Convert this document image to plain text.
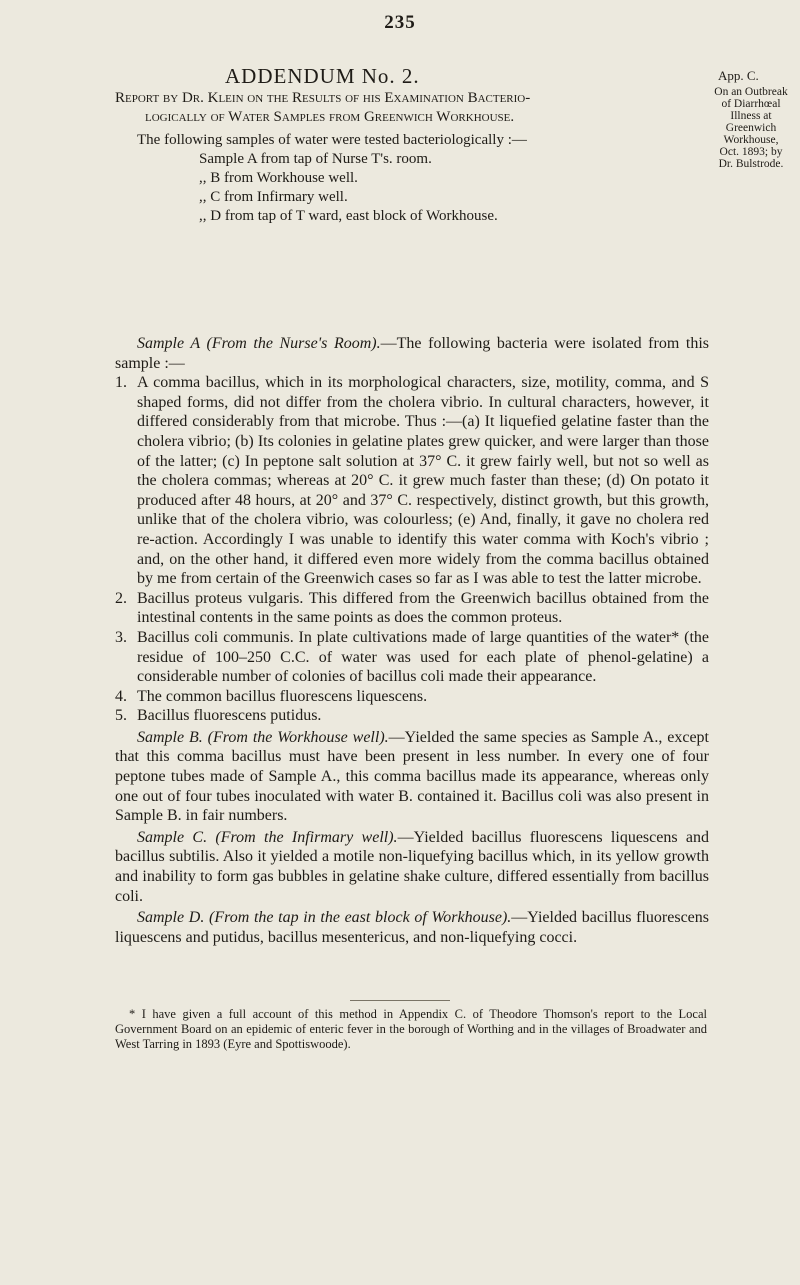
235
ADDENDUM No. 2.	App. C.
On an Outbreak
of Diarrhœal
Illness at
Greenwich
Workhouse,
Oct. 1893; by
Dr. Bulstrode.

Report by Dr. Klein on the Results of his Examination Bacterio-

logically of Water Samples from Greenwich Workhouse.

The following samples of water were tested bacteriologically :—

Sample A from tap of Nurse T's. room.

,, B from Workhouse well.

,, C from Infirmary well.

,, D from tap of T ward, east block of Workhouse.

Sample A (From the Nurse's Room).—The following bacteria were isolated from this sample :—

1. A comma bacillus, which in its morphological characters, size, motility, comma, and S shaped forms, did not differ from the cholera vibrio. In cultural characters, however, it differed considerably from that microbe. Thus :—(a) It liquefied gelatine faster than the cholera vibrio; (b) Its colonies in gelatine plates grew quicker, and were larger than those of the latter; (c) In peptone salt solution at 37° C. it grew fairly well, but not so well as the cholera commas; whereas at 20° C. it grew much faster than these; (d) On potato it produced after 48 hours, at 20° and 37° C. respectively, distinct growth, but this growth, unlike that of the cholera vibrio, was colourless; (e) And, finally, it gave no cholera red re-action. Accordingly I was unable to identify this water comma with Koch's vibrio ; and, on the other hand, it differed even more widely from the comma bacillus obtained by me from certain of the Greenwich cases so far as I was able to test the latter microbe.

2. Bacillus proteus vulgaris. This differed from the Greenwich bacillus obtained from the intestinal contents in the same points as does the common proteus.

3. Bacillus coli communis. In plate cultivations made of large quantities of the water* (the residue of 100–250 C.C. of water was used for each plate of phenol-gelatine) a considerable number of colonies of bacillus coli made their appearance.

4. The common bacillus fluorescens liquescens.

5. Bacillus fluorescens putidus.

Sample B. (From the Workhouse well).—Yielded the same species as Sample A., except that this comma bacillus must have been present in less number. In every one of four peptone tubes made of Sample A., this comma bacillus made its appearance, whereas only one out of four tubes inoculated with water B. contained it. Bacillus coli was also present in Sample B. in fair numbers.

Sample C. (From the Infirmary well).—Yielded bacillus fluorescens liquescens and bacillus subtilis. Also it yielded a motile non-liquefying bacillus which, in its yellow growth and inability to form gas bubbles in gelatine shake culture, differed essentially from bacillus coli.

Sample D. (From the tap in the east block of Workhouse).—Yielded bacillus fluorescens liquescens and putidus, bacillus mesentericus, and non-liquefying cocci.

* I have given a full account of this method in Appendix C. of Theodore Thomson's report to the Local Government Board on an epidemic of enteric fever in the borough of Worthing and in the villages of Broadwater and West Tarring in 1893 (Eyre and Spottiswoode).
